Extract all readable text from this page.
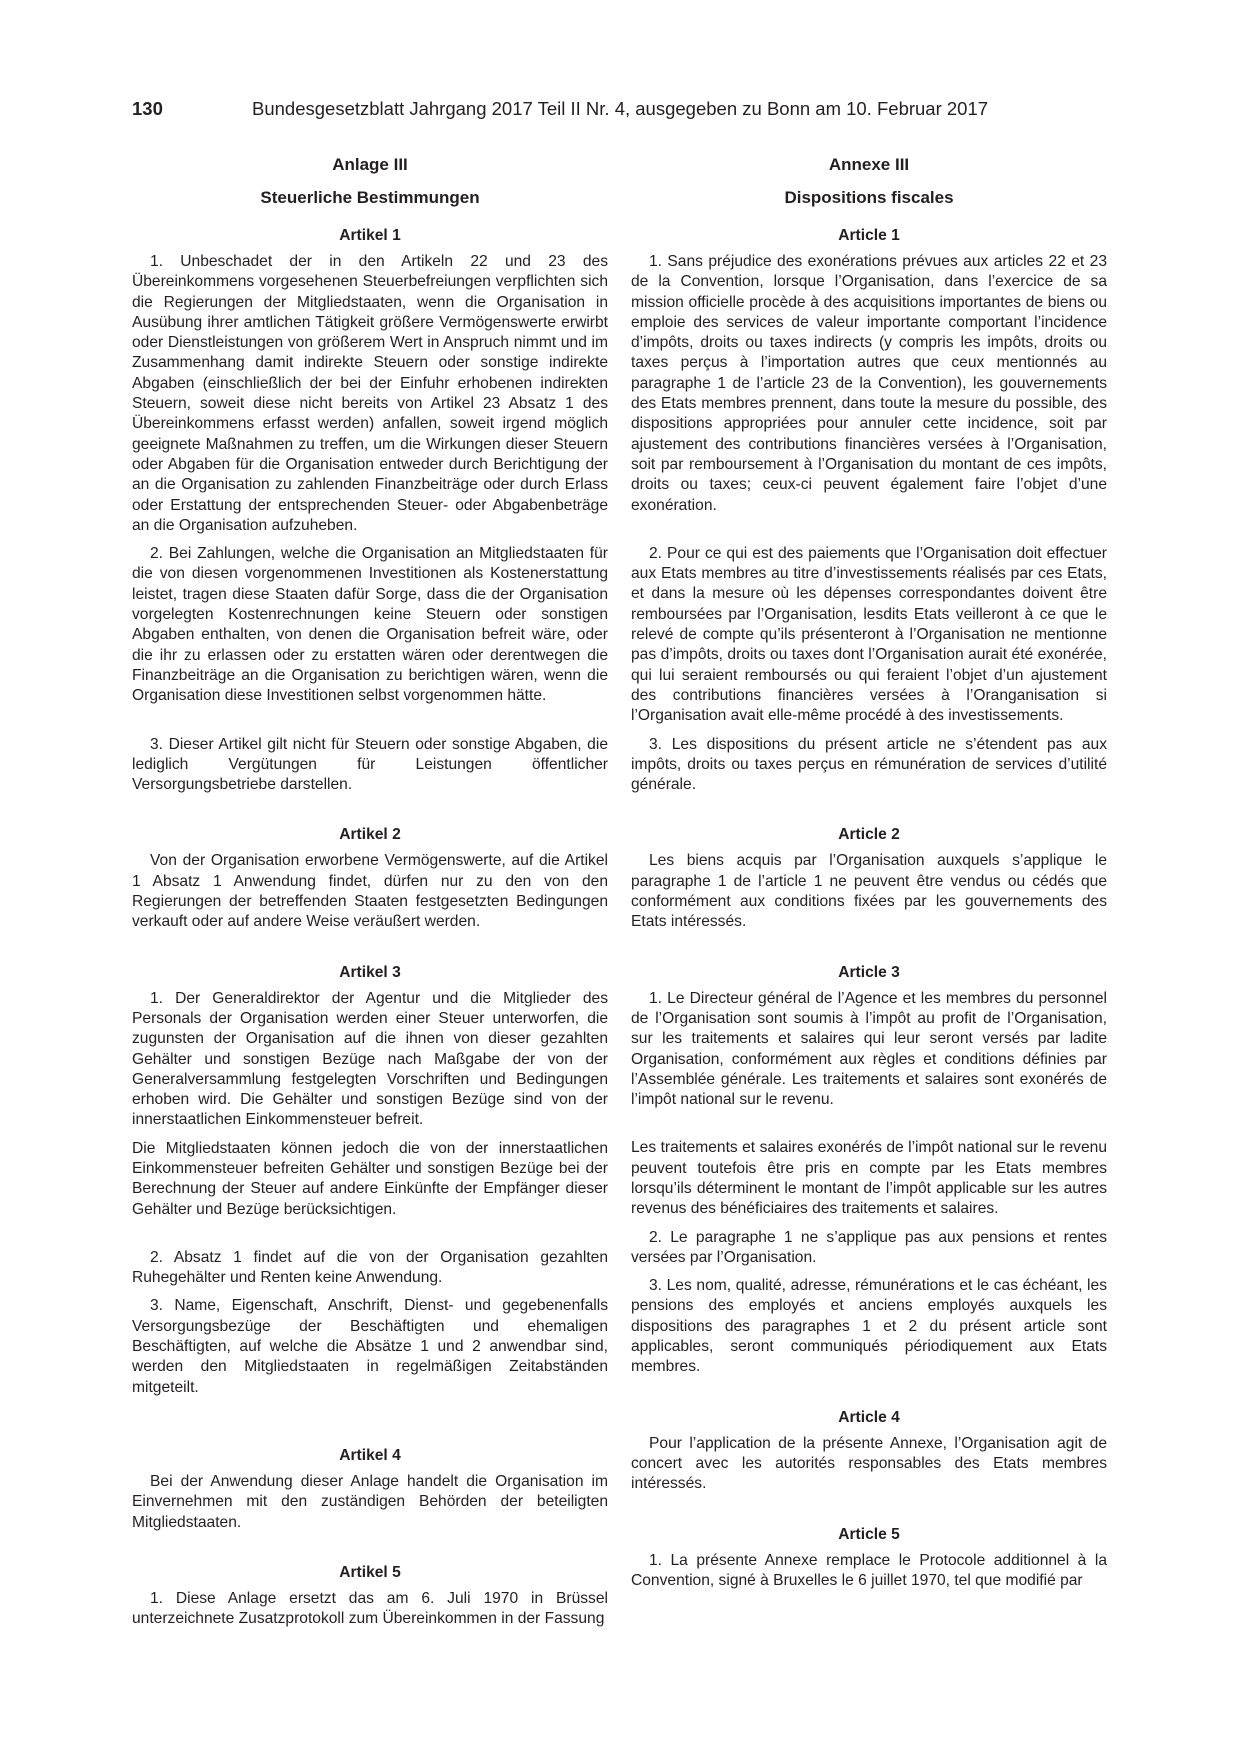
130	Bundesgesetzblatt Jahrgang 2017 Teil II Nr. 4, ausgegeben zu Bonn am 10. Februar 2017
Anlage III
Steuerliche Bestimmungen
Artikel 1

1. Unbeschadet der in den Artikeln 22 und 23 des Übereinkommens vorgesehenen Steuerbefreiungen verpflichten sich die Regierungen der Mitgliedstaaten, wenn die Organisation in Ausübung ihrer amtlichen Tätigkeit größere Vermögenswerte erwirbt oder Dienstleistungen von größerem Wert in Anspruch nimmt und im Zusammenhang damit indirekte Steuern oder sonstige indirekte Abgaben (einschließlich der bei der Einfuhr erhobenen indirekten Steuern, soweit diese nicht bereits von Artikel 23 Absatz 1 des Übereinkommens erfasst werden) anfallen, soweit irgend möglich geeignete Maßnahmen zu treffen, um die Wirkungen dieser Steuern oder Abgaben für die Organisation entweder durch Berichtigung der an die Organisation zu zahlenden Finanzbeiträge oder durch Erlass oder Erstattung der entsprechenden Steuer- oder Abgabenbeträge an die Organisation aufzuheben.

2. Bei Zahlungen, welche die Organisation an Mitgliedstaaten für die von diesen vorgenommenen Investitionen als Kostenerstattung leistet, tragen diese Staaten dafür Sorge, dass die der Organisation vorgelegten Kostenrechnungen keine Steuern oder sonstigen Abgaben enthalten, von denen die Organisation befreit wäre, oder die ihr zu erlassen oder zu erstatten wären oder derentwegen die Finanzbeiträge an die Organisation zu berichtigen wären, wenn die Organisation diese Investitionen selbst vorgenommen hätte.

3. Dieser Artikel gilt nicht für Steuern oder sonstige Abgaben, die lediglich Vergütungen für Leistungen öffentlicher Versorgungsbetriebe darstellen.

Artikel 2

Von der Organisation erworbene Vermögenswerte, auf die Artikel 1 Absatz 1 Anwendung findet, dürfen nur zu den von den Regierungen der betreffenden Staaten festgesetzten Bedingungen verkauft oder auf andere Weise veräußert werden.

Artikel 3

1. Der Generaldirektor der Agentur und die Mitglieder des Personals der Organisation werden einer Steuer unterworfen, die zugunsten der Organisation auf die ihnen von dieser gezahlten Gehälter und sonstigen Bezüge nach Maßgabe der von der Generalversammlung festgelegten Vorschriften und Bedingungen erhoben wird. Die Gehälter und sonstigen Bezüge sind von der innerstaatlichen Einkommensteuer befreit.

Die Mitgliedstaaten können jedoch die von der innerstaatlichen Einkommensteuer befreiten Gehälter und sonstigen Bezüge bei der Berechnung der Steuer auf andere Einkünfte der Empfänger dieser Gehälter und Bezüge berücksichtigen.

2. Absatz 1 findet auf die von der Organisation gezahlten Ruhegehälter und Renten keine Anwendung.

3. Name, Eigenschaft, Anschrift, Dienst- und gegebenenfalls Versorgungsbezüge der Beschäftigten und ehemaligen Beschäftigten, auf welche die Absätze 1 und 2 anwendbar sind, werden den Mitgliedstaaten in regelmäßigen Zeitabständen mitgeteilt.

Artikel 4

Bei der Anwendung dieser Anlage handelt die Organisation im Einvernehmen mit den zuständigen Behörden der beteiligten Mitgliedstaaten.

Artikel 5

1. Diese Anlage ersetzt das am 6. Juli 1970 in Brüssel unterzeichnete Zusatzprotokoll zum Übereinkommen in der Fassung

Annexe III
Dispositions fiscales
Article 1

1. Sans préjudice des exonérations prévues aux articles 22 et 23 de la Convention, lorsque l’Organisation, dans l’exercice de sa mission officielle procède à des acquisitions importantes de biens ou emploie des services de valeur importante comportant l’incidence d’impôts, droits ou taxes indirects (y compris les impôts, droits ou taxes perçus à l’importation autres que ceux mentionnés au paragraphe 1 de l’article 23 de la Convention), les gouvernements des Etats membres prennent, dans toute la mesure du possible, des dispositions appropriées pour annuler cette incidence, soit par ajustement des contributions financières versées à l’Organisation, soit par remboursement à l’Organisation du montant de ces impôts, droits ou taxes; ceux-ci peuvent également faire l’objet d’une exonération.

2. Pour ce qui est des paiements que l’Organisation doit effectuer aux Etats membres au titre d’investissements réalisés par ces Etats, et dans la mesure où les dépenses correspondantes doivent être remboursées par l’Organisation, lesdits Etats veilleront à ce que le relevé de compte qu’ils présenteront à l’Organisation ne mentionne pas d’impôts, droits ou taxes dont l’Organisation aurait été exonérée, qui lui seraient remboursés ou qui feraient l’objet d’un ajustement des contributions financières versées à l’Oranganisation si l’Organisation avait elle-même procédé à des investissements.

3. Les dispositions du présent article ne s’étendent pas aux impôts, droits ou taxes perçus en rémunération de services d’utilité générale.

Article 2

Les biens acquis par l’Organisation auxquels s’applique le paragraphe 1 de l’article 1 ne peuvent être vendus ou cédés que conformément aux conditions fixées par les gouvernements des Etats intéressés.

Article 3

1. Le Directeur général de l’Agence et les membres du personnel de l’Organisation sont soumis à l’impôt au profit de l’Organisation, sur les traitements et salaires qui leur seront versés par ladite Organisation, conformément aux règles et conditions définies par l’Assemblée générale. Les traitements et salaires sont exonérés de l’impôt national sur le revenu.

Les traitements et salaires exonérés de l’impôt national sur le revenu peuvent toutefois être pris en compte par les Etats membres lorsqu’ils déterminent le montant de l’impôt applicable sur les autres revenus des bénéficiaires des traitements et salaires.

2. Le paragraphe 1 ne s’applique pas aux pensions et rentes versées par l’Organisation.

3. Les nom, qualité, adresse, rémunérations et le cas échéant, les pensions des employés et anciens employés auxquels les dispositions des paragraphes 1 et 2 du présent article sont applicables, seront communiqués périodiquement aux Etats membres.

Article 4

Pour l’application de la présente Annexe, l’Organisation agit de concert avec les autorités responsables des Etats membres intéressés.

Article 5

1. La présente Annexe remplace le Protocole additionnel à la Convention, signé à Bruxelles le 6 juillet 1970, tel que modifié par
